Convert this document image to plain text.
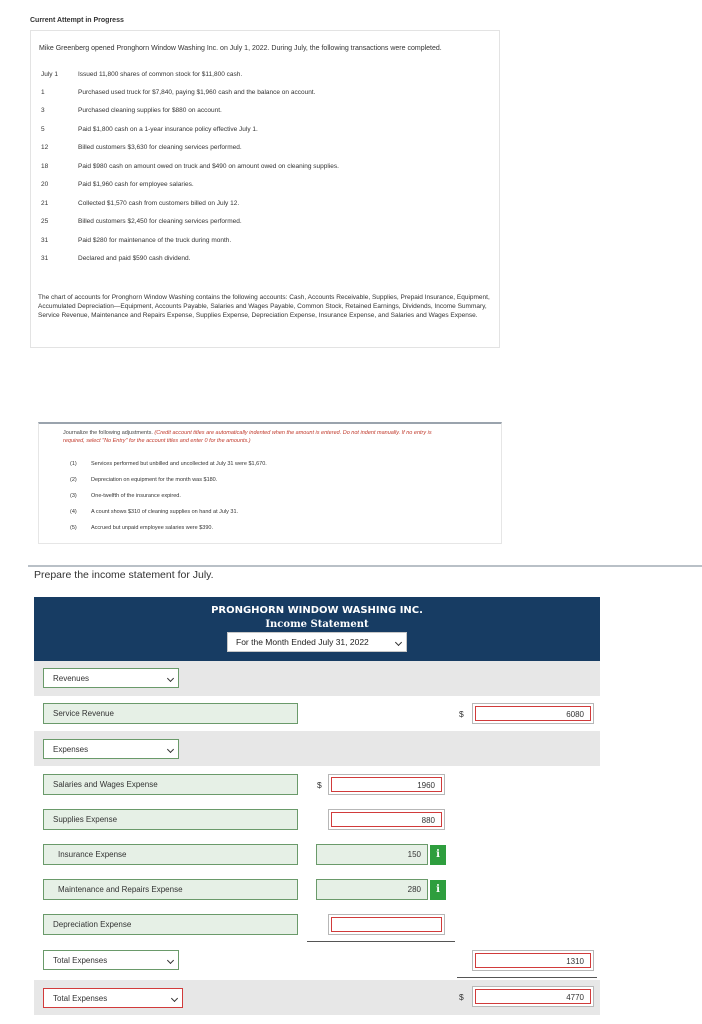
Current Attempt in Progress
Mike Greenberg opened Pronghorn Window Washing Inc. on July 1, 2022. During July, the following transactions were completed.
July 1	Issued 11,800 shares of common stock for $11,800 cash.
1	Purchased used truck for $7,840, paying $1,960 cash and the balance on account.
3	Purchased cleaning supplies for $880 on account.
5	Paid $1,800 cash on a 1-year insurance policy effective July 1.
12	Billed customers $3,630 for cleaning services performed.
18	Paid $980 cash on amount owed on truck and $490 on amount owed on cleaning supplies.
20	Paid $1,960 cash for employee salaries.
21	Collected $1,570 cash from customers billed on July 12.
25	Billed customers $2,450 for cleaning services performed.
31	Paid $280 for maintenance of the truck during month.
31	Declared and paid $590 cash dividend.
The chart of accounts for Pronghorn Window Washing contains the following accounts: Cash, Accounts Receivable, Supplies, Prepaid Insurance, Equipment, Accumulated Depreciation—Equipment, Accounts Payable, Salaries and Wages Payable, Common Stock, Retained Earnings, Dividends, Income Summary, Service Revenue, Maintenance and Repairs Expense, Supplies Expense, Depreciation Expense, Insurance Expense, and Salaries and Wages Expense.
Journalize the following adjustments. (Credit account titles are automatically indented when the amount is entered. Do not indent manually. If no entry is required, select "No Entry" for the account titles and enter 0 for the amounts.)
(1)	Services performed but unbilled and uncollected at July 31 were $1,670.
(2)	Depreciation on equipment for the month was $180.
(3)	One-twelfth of the insurance expired.
(4)	A count shows $310 of cleaning supplies on hand at July 31.
(5)	Accrued but unpaid employee salaries were $390.
Prepare the income statement for July.
PRONGHORN WINDOW WASHING INC.
Income Statement
For the Month Ended July 31, 2022
Revenues
Service Revenue	$	6080
Expenses
Salaries and Wages Expense	$	1960
Supplies Expense	880
Insurance Expense	150	i
Maintenance and Repairs Expense	280	i
Depreciation Expense
Total Expenses	1310
Total Expenses	$	4770
